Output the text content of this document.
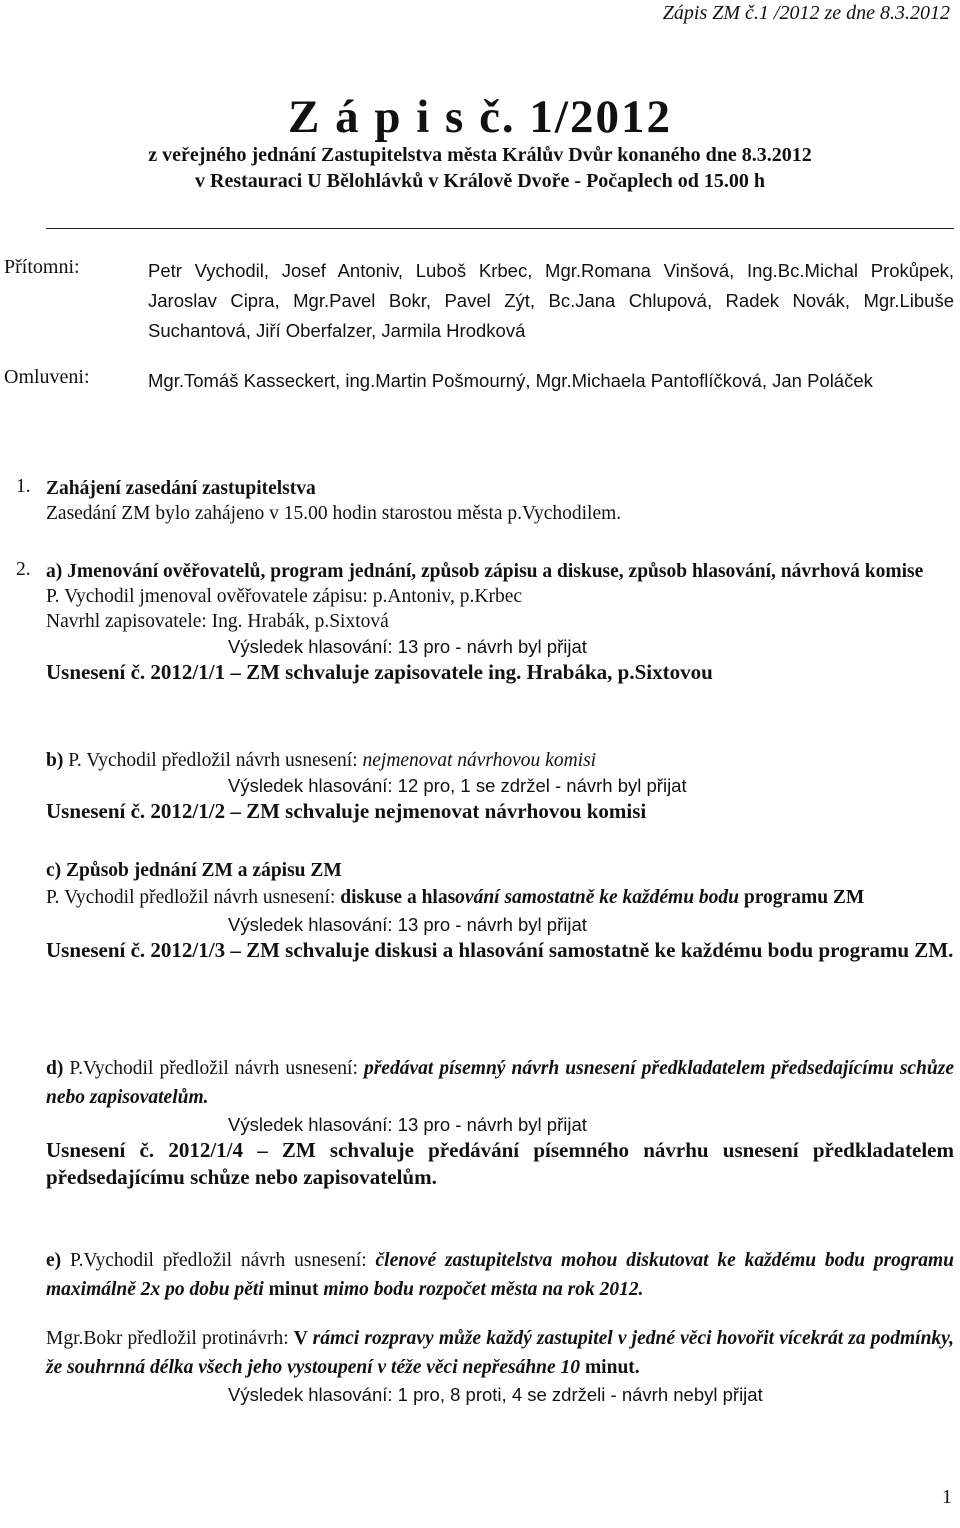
Zápis ZM č.1 /2012 ze dne 8.3.2012
Z á p i s č. 1/2012
z veřejného jednání Zastupitelstva města Králův Dvůr konaného dne 8.3.2012
v Restauraci U Bělohlávků v Králově Dvoře - Počaplech od 15.00 h
Přítomni:	Petr Vychodil, Josef Antoniv, Luboš Krbec, Mgr.Romana Vinšová, Ing.Bc.Michal Prokůpek, Jaroslav Cipra, Mgr.Pavel Bokr, Pavel Zýt, Bc.Jana Chlupová, Radek Novák, Mgr.Libuše Suchantová, Jiří Oberfalzer, Jarmila Hrodková
Omluveni:	Mgr.Tomáš Kasseckert, ing.Martin Pošmourný, Mgr.Michaela Pantoflíčková, Jan Poláček
1. Zahájení zasedání zastupitelstva
Zasedání ZM bylo zahájeno v 15.00 hodin starostou města p.Vychodilem.
2. a) Jmenování ověřovatelů, program jednání, způsob zápisu a diskuse, způsob hlasování, návrhová komise
P. Vychodil jmenoval ověřovatele zápisu: p.Antoniv, p.Krbec
Navrhl zapisovatele: Ing. Hrabák, p.Sixtová
Výsledek hlasování: 13 pro - návrh byl přijat
Usnesení č. 2012/1/1 – ZM schvaluje zapisovatele ing. Hrabáka, p.Sixtovou
b) P. Vychodil předložil návrh usnesení: nejmenovat návrhovou komisi
Výsledek hlasování: 12 pro, 1 se zdržel - návrh byl přijat
Usnesení č. 2012/1/2 – ZM schvaluje nejmenovat návrhovou komisi
c) Způsob jednání ZM a zápisu ZM
P. Vychodil předložil návrh usnesení: diskuse a hlasování samostatně ke každému bodu programu ZM
Výsledek hlasování: 13 pro - návrh byl přijat
Usnesení č. 2012/1/3 – ZM schvaluje diskusi a hlasování samostatně ke každému bodu programu ZM.
d) P.Vychodil předložil návrh usnesení: předávat písemný návrh usnesení předkladatelem předsedajícímu schůze nebo zapisovatelům.
Výsledek hlasování: 13 pro - návrh byl přijat
Usnesení č. 2012/1/4 – ZM schvaluje předávání písemného návrhu usnesení předkladatelem předsedajícímu schůze nebo zapisovatelům.
e) P.Vychodil předložil návrh usnesení: členové zastupitelstva mohou diskutovat ke každému bodu programu maximálně 2x po dobu pěti minut mimo bodu rozpočet města na rok 2012.
Mgr.Bokr předložil protinávrh: V rámci rozpravy může každý zastupitel v jedné věci hovořit vícekrát za podmínky, že souhrnná délka všech jeho vystoupení v téže věci nepřesáhne 10 minut.
Výsledek hlasování: 1 pro, 8 proti, 4 se zdrželi - návrh nebyl přijat
1
